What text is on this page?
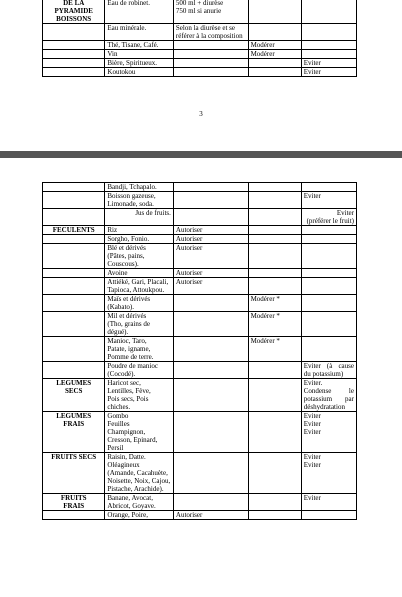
DE LA
PYRAMIDE
BOISSONS	Eau de robinet.	500 ml + diurèse
750 ml si anurie		
	Eau minérale.	Selon la diurèse et se référer à la composition		
	Thé, Tisane, Café.		Modérer	
	Vin		Modérer	
	Bière, Spiritueux.			Eviter
	Koutokou			Eviter
3
	Bandji, Tchapalo.			
	Boisson gazeuse, Limonade, soda.			Eviter
	Jus de fruits.			Eviter
(préférer le fruit)
FECULENTS	Riz	Autoriser		
	Sorgho, Fonio.	Autoriser		
	Blé et dérivés
(Pâtes, pains, Couscous).	Autoriser		
	Avoine	Autoriser		
	Attiéké, Gari, Placali, Tapioca, Attoukpou.	Autoriser		
	Maïs et dérivés
(Kabato).		Modérer *	
	Mil et dérivés
(Tho, grains de dégué).		Modérer *	
	Manioc, Taro,
Patate, igname,
Pomme de terre.		Modérer *	
	Poudre de manioc
(Cocodé).			Eviter (à cause du potassium)
LEGUMES
SECS	Haricot sec,
Lentilles, Fève,
Pois secs, Pois chiches.			Eviter.
Condense le potassium par déshydratation
LEGUMES
FRAIS	Gombo
Feuilles
Champignon,
Cresson, Epinard,
Persil			Eviter
Eviter
Eviter
FRUITS SECS	Raisin, Datte.
Oléagineux
(Amande, Cacahuète, Noisette, Noix, Cajou, Pistache, Arachide).			Eviter
Eviter
FRUITS
FRAIS	Banane, Avocat,
Abricot, Goyave.			Eviter
	Orange, Poire,	Autoriser		
